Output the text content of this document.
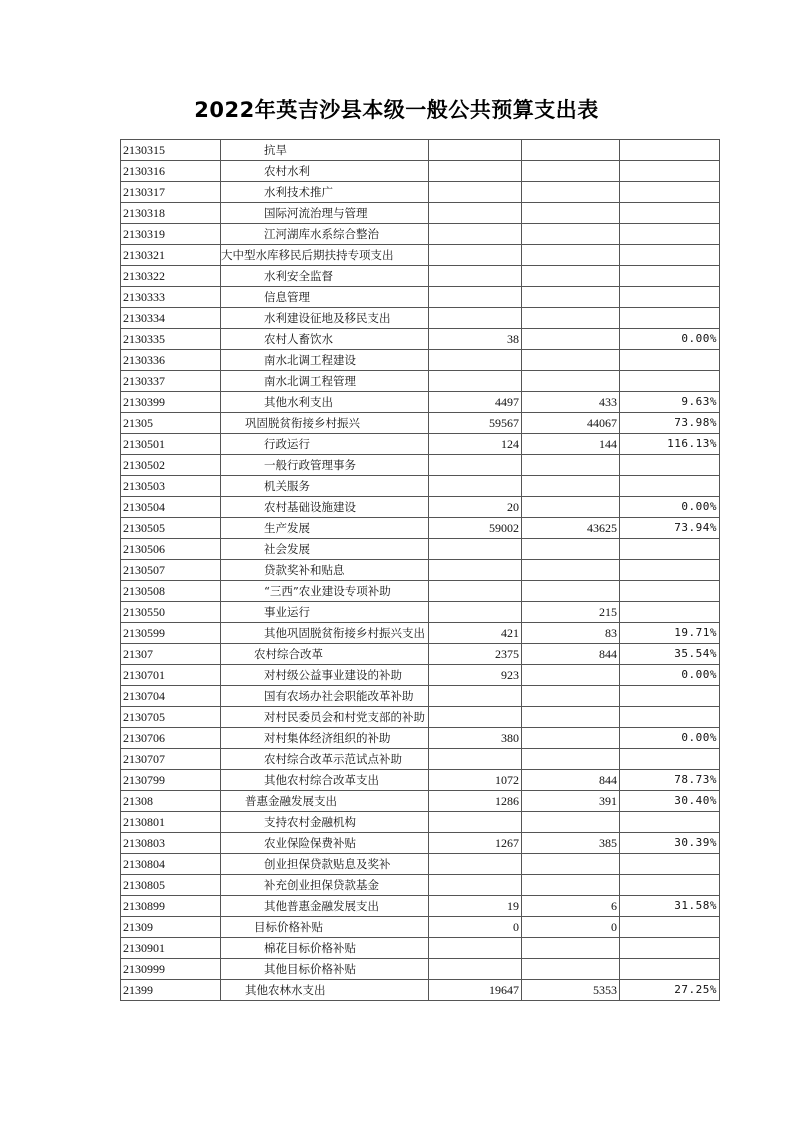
2022年英吉沙县本级一般公共预算支出表
2130315	抗旱			
2130316	农村水利			
2130317	水利技术推广			
2130318	国际河流治理与管理			
2130319	江河湖库水系综合整治			
2130321	大中型水库移民后期扶持专项支出			
2130322	水利安全监督			
2130333	信息管理			
2130334	水利建设征地及移民支出			
2130335	农村人畜饮水	38		0.00%
2130336	南水北调工程建设			
2130337	南水北调工程管理			
2130399	其他水利支出	4497	433	9.63%
21305	巩固脱贫衔接乡村振兴	59567	44067	73.98%
2130501	行政运行	124	144	116.13%
2130502	一般行政管理事务			
2130503	机关服务			
2130504	农村基础设施建设	20		0.00%
2130505	生产发展	59002	43625	73.94%
2130506	社会发展			
2130507	贷款奖补和贴息			
2130508	“三西”农业建设专项补助			
2130550	事业运行		215	
2130599	其他巩固脱贫衔接乡村振兴支出	421	83	19.71%
21307	农村综合改革	2375	844	35.54%
2130701	对村级公益事业建设的补助	923		0.00%
2130704	国有农场办社会职能改革补助			
2130705	对村民委员会和村党支部的补助			
2130706	对村集体经济组织的补助	380		0.00%
2130707	农村综合改革示范试点补助			
2130799	其他农村综合改革支出	1072	844	78.73%
21308	普惠金融发展支出	1286	391	30.40%
2130801	支持农村金融机构			
2130803	农业保险保费补贴	1267	385	30.39%
2130804	创业担保贷款贴息及奖补			
2130805	补充创业担保贷款基金			
2130899	其他普惠金融发展支出	19	6	31.58%
21309	目标价格补贴	0	0	
2130901	棉花目标价格补贴			
2130999	其他目标价格补贴			
21399	其他农林水支出	19647	5353	27.25%
